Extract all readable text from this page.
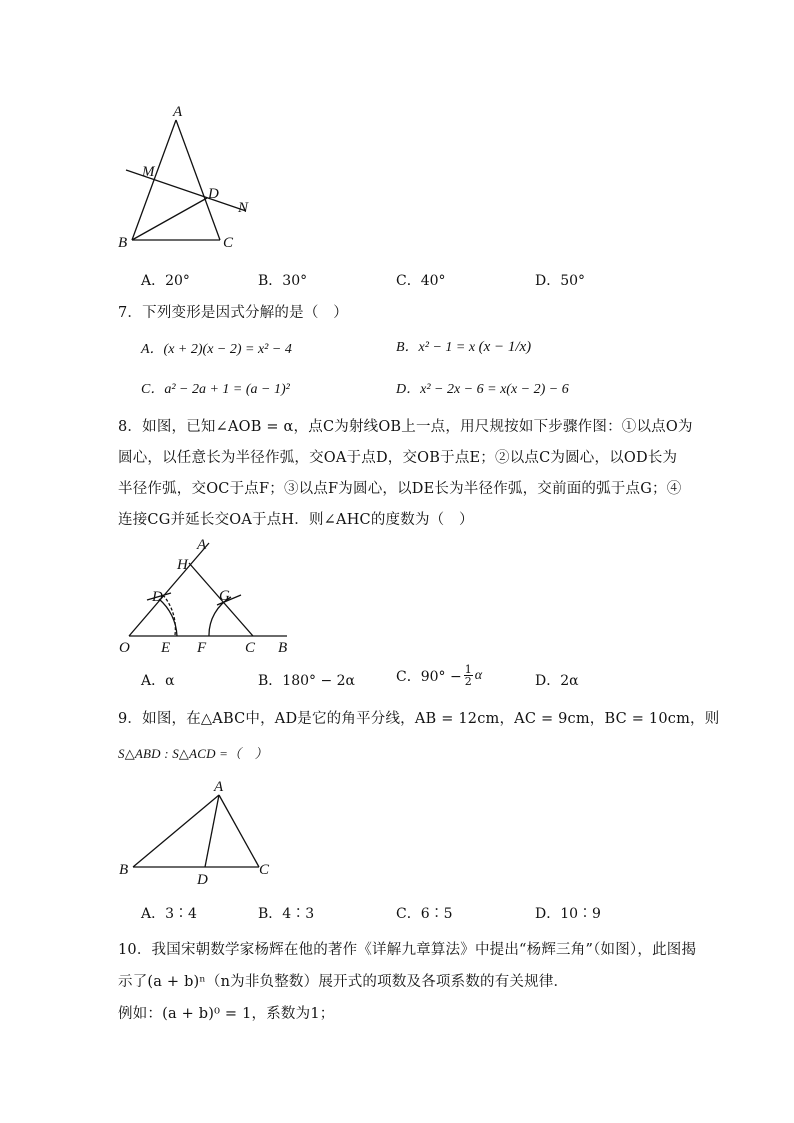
A
M
D
N
B	C
A．20°	B．30°	C．40°	D．50°
7．下列变形是因式分解的是（　）
A．(x + 2)(x − 2) = x² − 4	B．x² − 1 = x (x − 1/x)
C．a² − 2a + 1 = (a − 1)²	D．x² − 2x − 6 = x(x − 2) − 6
8．如图，已知∠AOB = α，点C为射线OB上一点，用尺规按如下步骤作图：①以点O为
圆心，以任意长为半径作弧，交OA于点D，交OB于点E；②以点C为圆心，以OD长为
半径作弧，交OC于点F；③以点F为圆心，以DE长为半径作弧，交前面的弧于点G；④
连接CG并延长交OA于点H．则∠AHC的度数为（　）
A
H
D	G
O E F	C B
A．α	B．180° − 2α	C．$90^\circ - \frac{1}{2}$ α	D．2α
9．如图，在△ABC中，AD是它的角平分线，AB = 12cm，AC = 9cm，BC = 10cm，则
S△ABD : S△ACD =（　）
A
B
D
C
A．3∶4	B．4∶3	C．6∶5	D．10∶9
10．我国宋朝数学家杨辉在他的著作《详解九章算法》中提出“杨辉三角”（如图），此图揭
示了(a + b)ⁿ（n为非负整数）展开式的项数及各项系数的有关规律．
例如：(a + b)⁰ = 1，系数为1；
